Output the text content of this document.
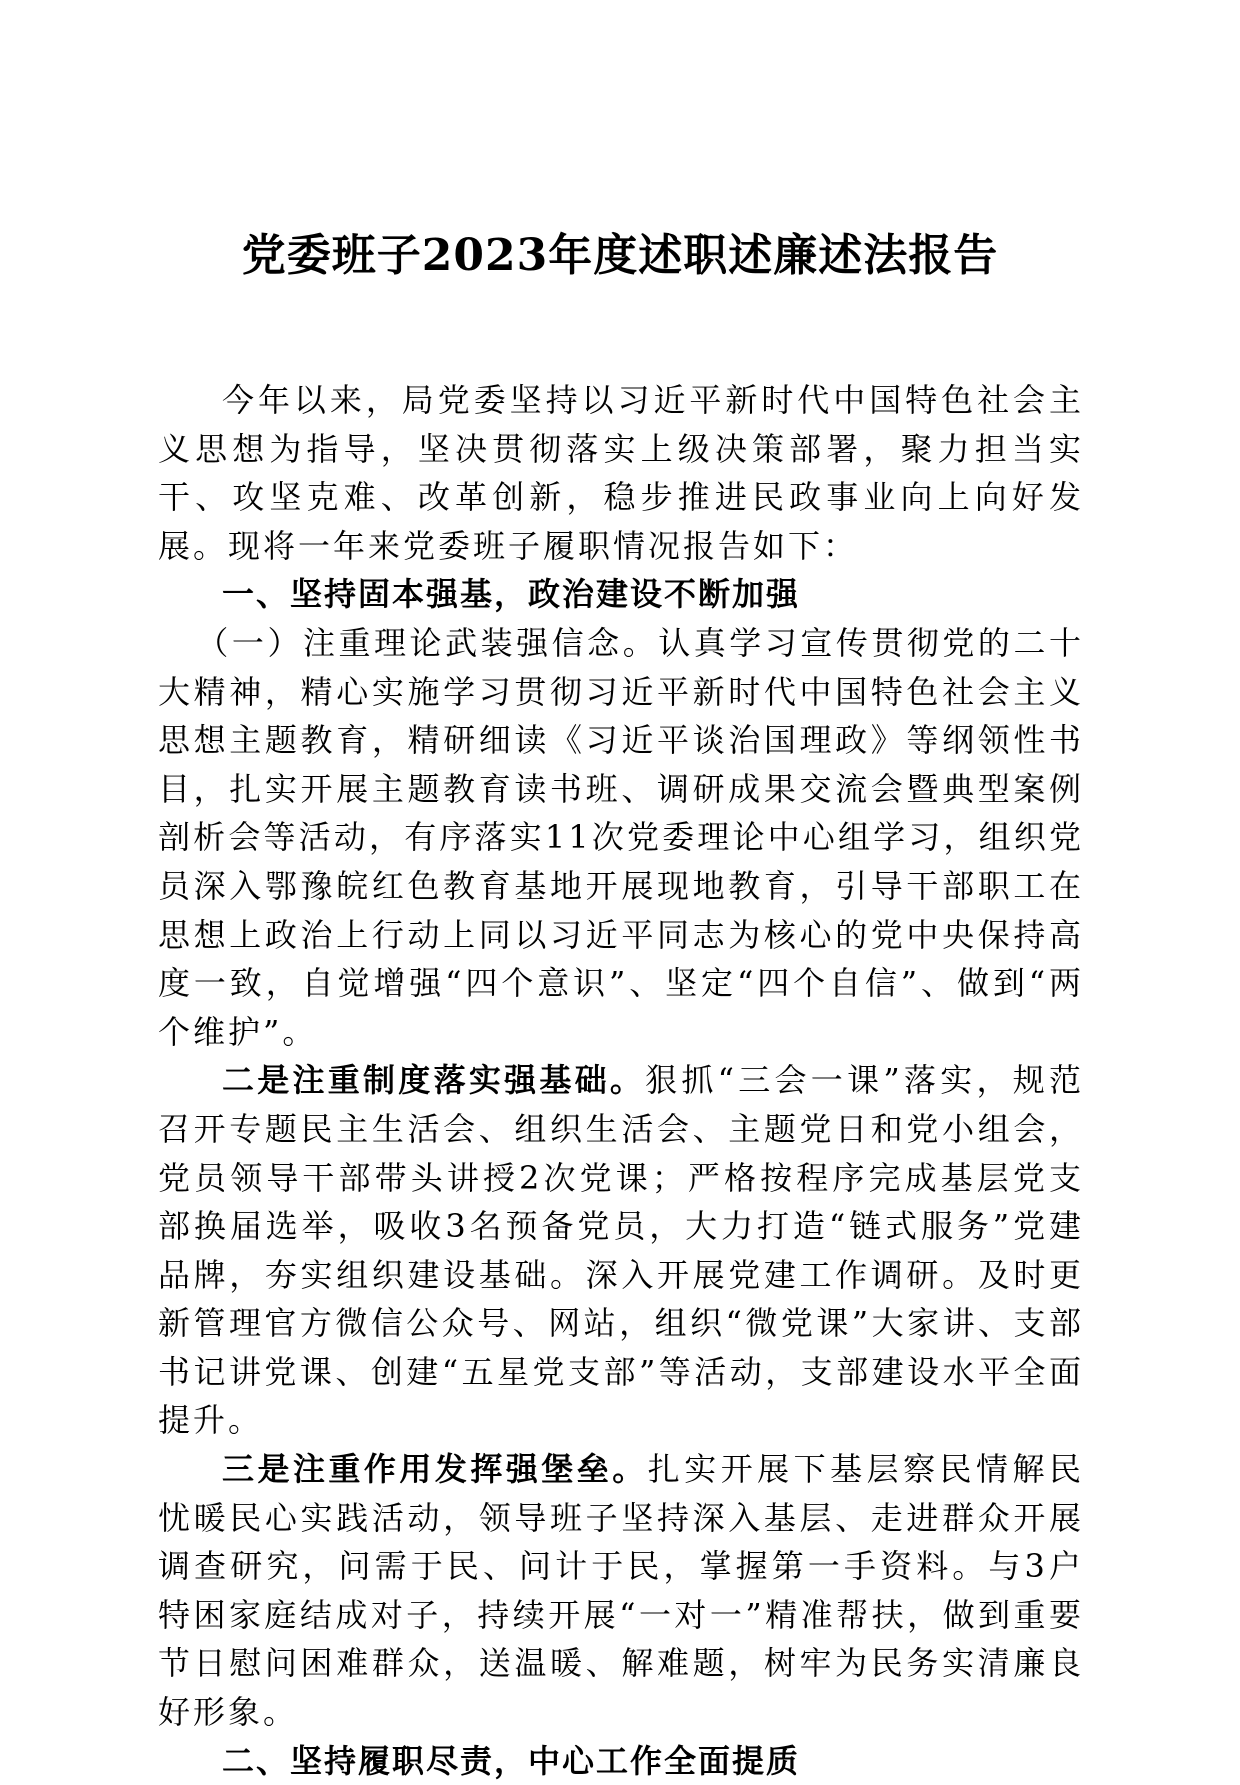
党委班子2023年度述职述廉述法报告

今年以来，局党委坚持以习近平新时代中国特色社会主义思想为指导，坚决贯彻落实上级决策部署，聚力担当实干、攻坚克难、改革创新，稳步推进民政事业向上向好发展。现将一年来党委班子履职情况报告如下：

一、坚持固本强基，政治建设不断加强

（一）注重理论武装强信念。认真学习宣传贯彻党的二十大精神，精心实施学习贯彻习近平新时代中国特色社会主义思想主题教育，精研细读《习近平谈治国理政》等纲领性书目，扎实开展主题教育读书班、调研成果交流会暨典型案例剖析会等活动，有序落实11次党委理论中心组学习，组织党员深入鄂豫皖红色教育基地开展现地教育，引导干部职工在思想上政治上行动上同以习近平同志为核心的党中央保持高度一致，自觉增强“四个意识”、坚定“四个自信”、做到“两个维护”。

二是注重制度落实强基础。狠抓“三会一课”落实，规范召开专题民主生活会、组织生活会、主题党日和党小组会，党员领导干部带头讲授2次党课；严格按程序完成基层党支部换届选举，吸收3名预备党员，大力打造“链式服务”党建品牌，夯实组织建设基础。深入开展党建工作调研。及时更新管理官方微信公众号、网站，组织“微党课”大家讲、支部书记讲党课、创建“五星党支部”等活动，支部建设水平全面提升。

三是注重作用发挥强堡垒。扎实开展下基层察民情解民忧暖民心实践活动，领导班子坚持深入基层、走进群众开展调查研究，问需于民、问计于民，掌握第一手资料。与3户特困家庭结成对子，持续开展“一对一”精准帮扶，做到重要节日慰问困难群众，送温暖、解难题，树牢为民务实清廉良好形象。

二、坚持履职尽责，中心工作全面提质
